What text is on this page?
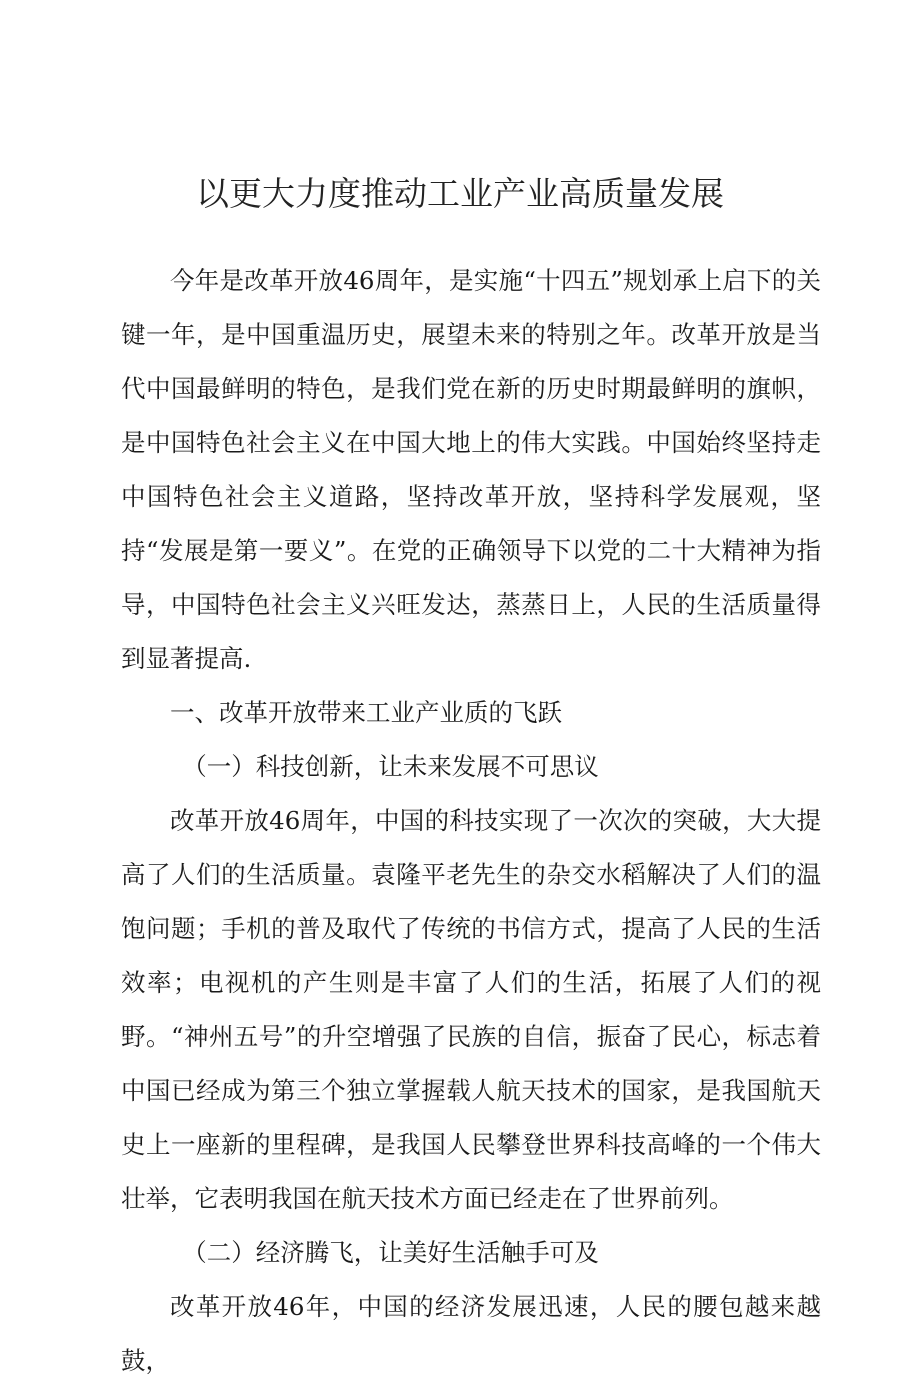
以更大力度推动工业产业高质量发展

今年是改革开放46周年，是实施“十四五”规划承上启下的关键一年，是中国重温历史，展望未来的特别之年。改革开放是当代中国最鲜明的特色，是我们党在新的历史时期最鲜明的旗帜，是中国特色社会主义在中国大地上的伟大实践。中国始终坚持走中国特色社会主义道路，坚持改革开放，坚持科学发展观，坚持“发展是第一要义”。在党的正确领导下以党的二十大精神为指导，中国特色社会主义兴旺发达，蒸蒸日上，人民的生活质量得到显著提高.

一、改革开放带来工业产业质的飞跃

（一）科技创新，让未来发展不可思议

改革开放46周年，中国的科技实现了一次次的突破，大大提高了人们的生活质量。袁隆平老先生的杂交水稻解决了人们的温饱问题；手机的普及取代了传统的书信方式，提高了人民的生活效率；电视机的产生则是丰富了人们的生活，拓展了人们的视野。“神州五号”的升空增强了民族的自信，振奋了民心，标志着中国已经成为第三个独立掌握载人航天技术的国家，是我国航天史上一座新的里程碑，是我国人民攀登世界科技高峰的一个伟大壮举，它表明我国在航天技术方面已经走在了世界前列。

（二）经济腾飞，让美好生活触手可及

改革开放46年，中国的经济发展迅速，人民的腰包越来越鼓，
